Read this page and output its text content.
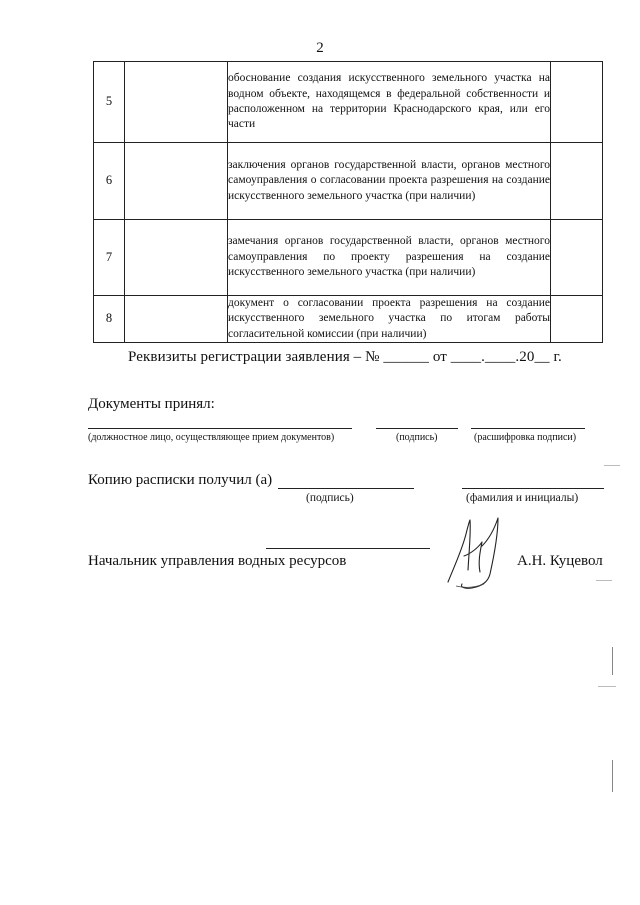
2
5		обоснование создания искусственного земельного участка на водном объекте, находящемся в федеральной собственности и расположенном на территории Краснодарского края, или его части	
6		заключения органов государственной власти, органов местного самоуправления о согласовании проекта разрешения на создание искусственного земельного участка (при наличии)	
7		замечания органов государственной власти, органов местного самоуправления по проекту разрешения на создание искусственного земельного участка (при наличии)	
8		документ о согласовании проекта разрешения на создание искусственного земельного участка по итогам работы согласительной комиссии (при наличии)	
Реквизиты регистрации заявления – № ______ от ____.____.20__ г.
Документы принял:
(должностное лицо, осуществляющее прием документов)	(подпись)	(расшифровка подписи)
Копию расписки получил (а)
(подпись)	(фамилия и инициалы)
Начальник управления водных ресурсов	А.Н. Куцевол
